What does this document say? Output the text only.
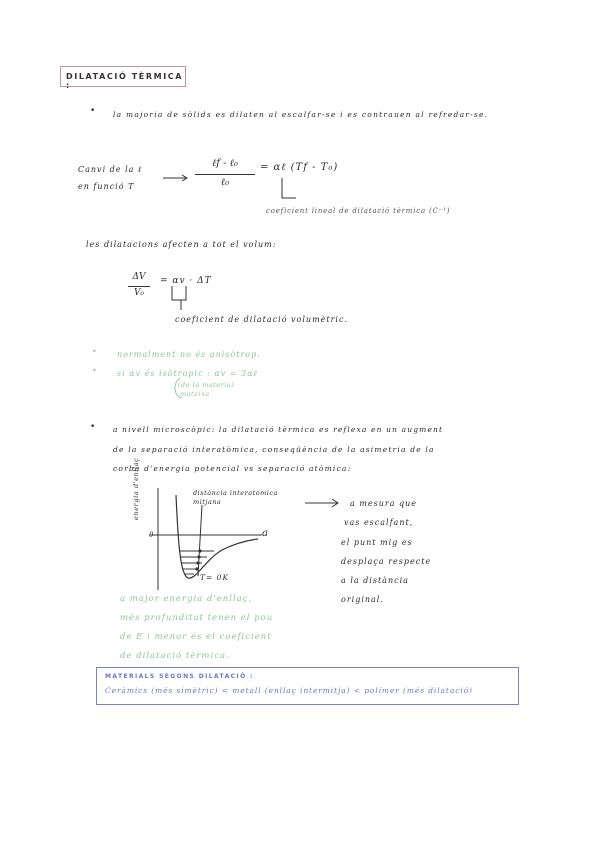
DILATACIÓ TÈRMICA :
• la majoria de sòlids es dilaten al escalfar-se i es contrauen al refredar-se.
Canvi de la ℓ
en funció T
ℓf - ℓ₀
ℓ₀
= αℓ (Tf - T₀)
coeficient lineal de dilatació tèrmica (C⁻¹)
les dilatacions afecten a tot el volum:
ΔV
V₀
= αv · ΔT
coeficient de dilatació volumètric.
• normalment no és anisòtrop.
• si αv és isòtropic : αv = 3αℓ
(de la materia)
mateixa
• a nivell microscòpic: la dilatació tèrmica es reflexa en un augment
de la separació interatòmica, conseqüència de la asimetria de la
corba d'energia potencial vs separació atòmica:
energia d'enllaç
a
0
distància interatòmica
mitjana
T= 0K
a mesura que
vas escalfant,
el punt mig es
desplaça respecte
a la distància
original.
a major energia d'enllaç,
més profunditat tenen el pou
de E i menor és el coeficient
de dilatació tèrmica.
MATERIALS SEGONS DILATACIÓ :
Ceràmics (més simètric) < metall (enllaç intermitja) < polímer (més dilatació)
